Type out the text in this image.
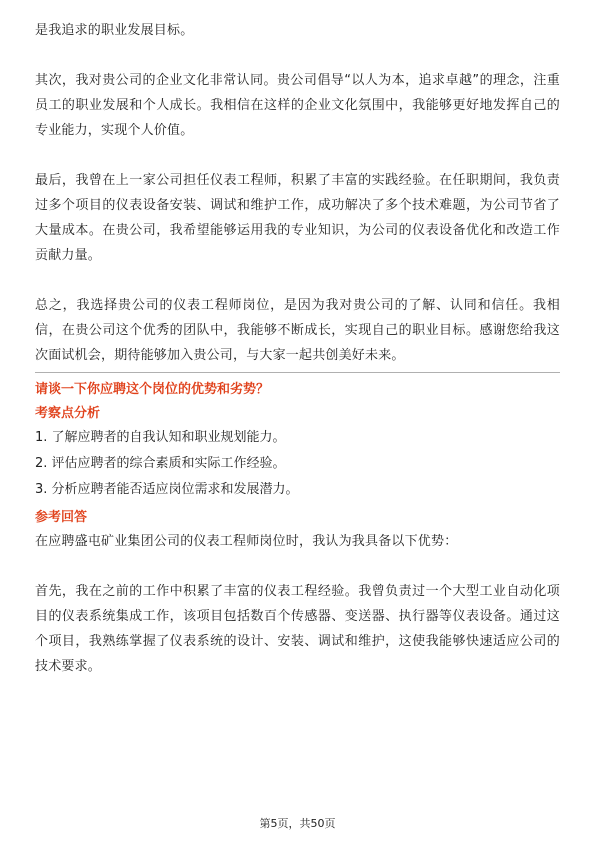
是我追求的职业发展目标。

其次，我对贵公司的企业文化非常认同。贵公司倡导“以人为本，追求卓越”的理念，注重员工的职业发展和个人成长。我相信在这样的企业文化氛围中，我能够更好地发挥自己的专业能力，实现个人价值。

最后，我曾在上一家公司担任仪表工程师，积累了丰富的实践经验。在任职期间，我负责过多个项目的仪表设备安装、调试和维护工作，成功解决了多个技术难题，为公司节省了大量成本。在贵公司，我希望能够运用我的专业知识，为公司的仪表设备优化和改造工作贡献力量。

总之，我选择贵公司的仪表工程师岗位，是因为我对贵公司的了解、认同和信任。我相信，在贵公司这个优秀的团队中，我能够不断成长，实现自己的职业目标。感谢您给我这次面试机会，期待能够加入贵公司，与大家一起共创美好未来。

请谈一下你应聘这个岗位的优势和劣势？

考察点分析

1. 了解应聘者的自我认知和职业规划能力。

2. 评估应聘者的综合素质和实际工作经验。

3. 分析应聘者能否适应岗位需求和发展潜力。

参考回答

在应聘盛屯矿业集团公司的仪表工程师岗位时，我认为我具备以下优势：

首先，我在之前的工作中积累了丰富的仪表工程经验。我曾负责过一个大型工业自动化项目的仪表系统集成工作，该项目包括数百个传感器、变送器、执行器等仪表设备。通过这个项目，我熟练掌握了仪表系统的设计、安装、调试和维护，这使我能够快速适应公司的技术要求。

第5页，共50页
